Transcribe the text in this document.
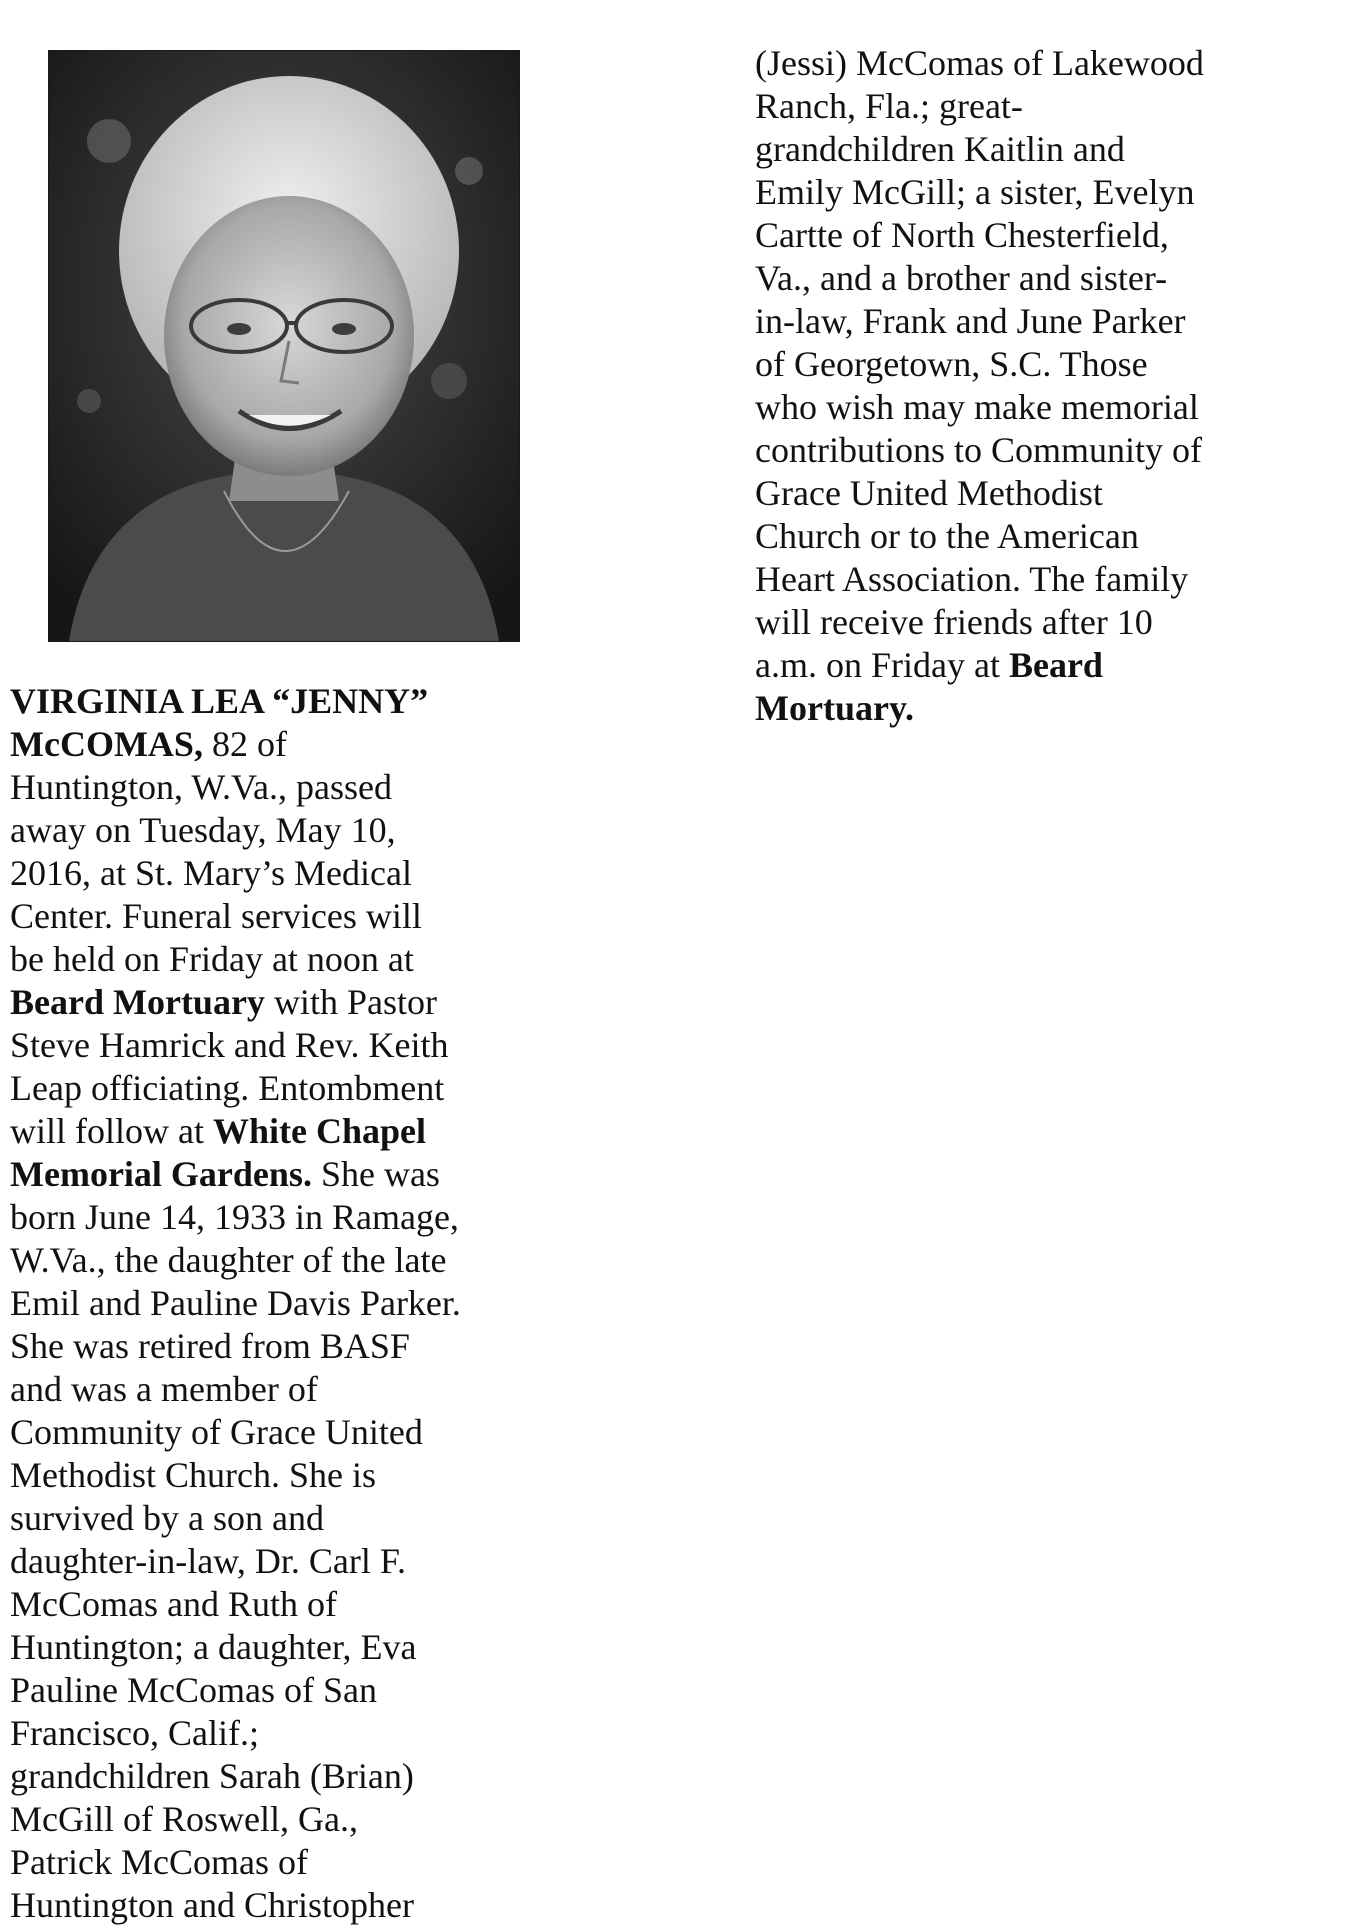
VIRGINIA LEA “JENNY”
McCOMAS, 82 of
Huntington, W.Va., passed
away on Tuesday, May 10,
2016, at St. Mary’s Medical
Center. Funeral services will
be held on Friday at noon at
Beard Mortuary with Pastor
Steve Hamrick and Rev. Keith
Leap officiating. Entombment
will follow at White Chapel
Memorial Gardens. She was
born June 14, 1933 in Ramage,
W.Va., the daughter of the late
Emil and Pauline Davis Parker.
She was retired from BASF
and was a member of
Community of Grace United
Methodist Church. She is
survived by a son and
daughter-in-law, Dr. Carl F.
McComas and Ruth of
Huntington; a daughter, Eva
Pauline McComas of San
Francisco, Calif.;
grandchildren Sarah (Brian)
McGill of Roswell, Ga.,
Patrick McComas of
Huntington and Christopher
(Jessi) McComas of Lakewood
Ranch, Fla.; great-
grandchildren Kaitlin and
Emily McGill; a sister, Evelyn
Cartte of North Chesterfield,
Va., and a brother and sister-
in-law, Frank and June Parker
of Georgetown, S.C. Those
who wish may make memorial
contributions to Community of
Grace United Methodist
Church or to the American
Heart Association. The family
will receive friends after 10
a.m. on Friday at Beard
Mortuary.
